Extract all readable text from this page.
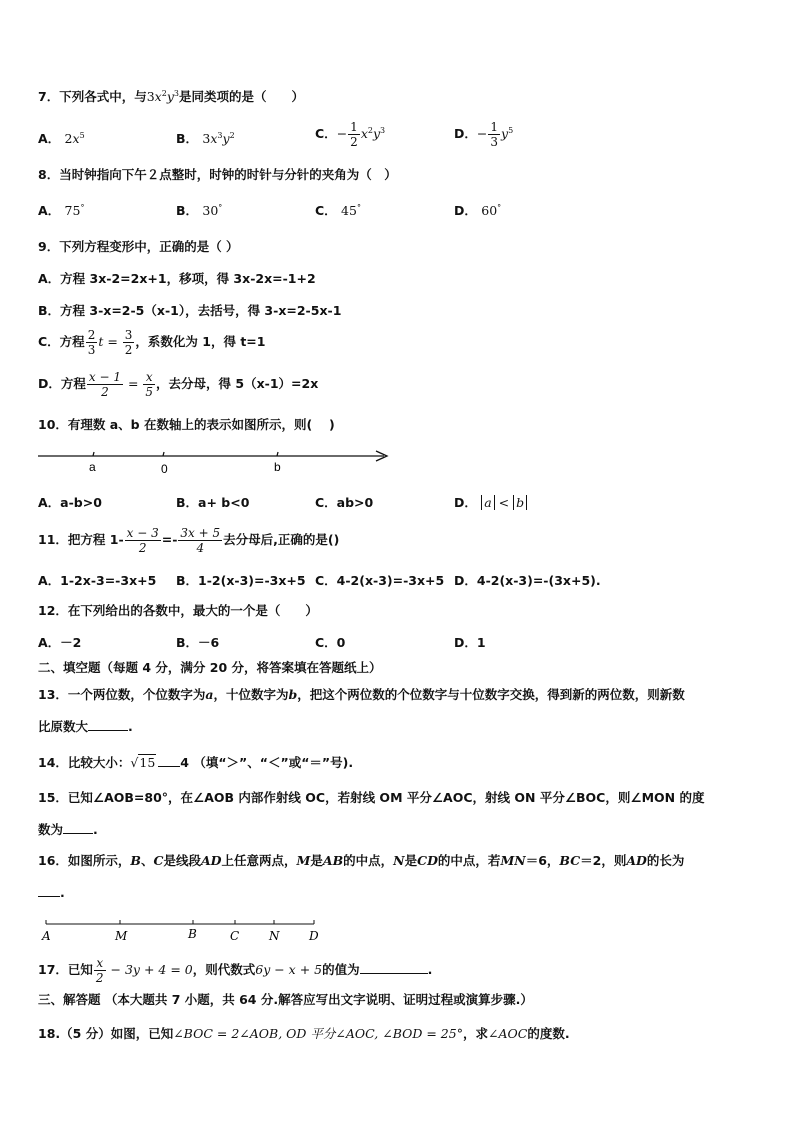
7．下列各式中，与$3x^2y^3$是同类项的是（　　）
A． $2x^5$	B． $3x^3y^2$	C．− $\frac{1}{2} x^2y^3$	D．− $\frac{1}{3} y^5$
8．当时钟指向下午２点整时，时钟的时针与分针的夹角为（　）
A． 75°	B． 30°	C． 45°	D． 60°
9．下列方程变形中，正确的是（ ）
A．方程 3x-2=2x+1，移项，得 3x-2x=-1+2
B．方程 3-x=2-5（x-1），去括号，得 3-x=2-5x-1
C．方程 $\frac{2}{3}$ $t = \frac{3}{2}$ ，系数化为 1，得 t=1
D．方程 $\frac{x - 1}{2} = \frac{x}{5}$ ，去分母，得 5（x-1）=2x
10．有理数 a、b 在数轴上的表示如图所示，则(　 )
a	0	b
A．a-b>0	B．a+ b<0	C．ab>0	D． a < b
11．把方程 $1- \frac{x - 3}{2} =- \frac{3x + 5}{4}$ 去分母后,正确的是()
A．1-2x-3=-3x+5 B．1-2(x-3)=-3x+5 C．4-2(x-3)=-3x+5 D．4-2(x-3)=-(3x+5).
12．在下列给出的各数中，最大的一个是（　　）
A．－2	B．－6	C．0	D．1
二、填空题（每题 4 分，满分 20 分，将答案填在答题纸上）
13．一个两位数，个位数字为a，十位数字为b，把这个两位数的个位数字与十位数字交换，得到新的两位数，则新数
比原数大	.
14．比较大小：√15 4 （填“＞”、“＜”或“＝”号).
15．已知∠AOB=80°，在∠AOB 内部作射线 OC，若射线 OM 平分∠AOC，射线 ON 平分∠BOC，则∠MON 的度
数为 .
16．如图所示，B、C是线段AD上任意两点，M是AB的中点，N是CD的中点，若MN＝6，BC＝2，则AD的长为
.
A	M	B	C N D
17．已知 $\frac{x}{2} - 3y + 4 = 0$，则代数式6y − x + 5的值为	.
三、解答题 （本大题共 7 小题，共 64 分.解答应写出文字说明、证明过程或演算步骤.）
18.（5 分）如图，已知∠BOC = 2∠AOB, OD 平分∠AOC, ∠BOD = 25°，求∠AOC的度数.
